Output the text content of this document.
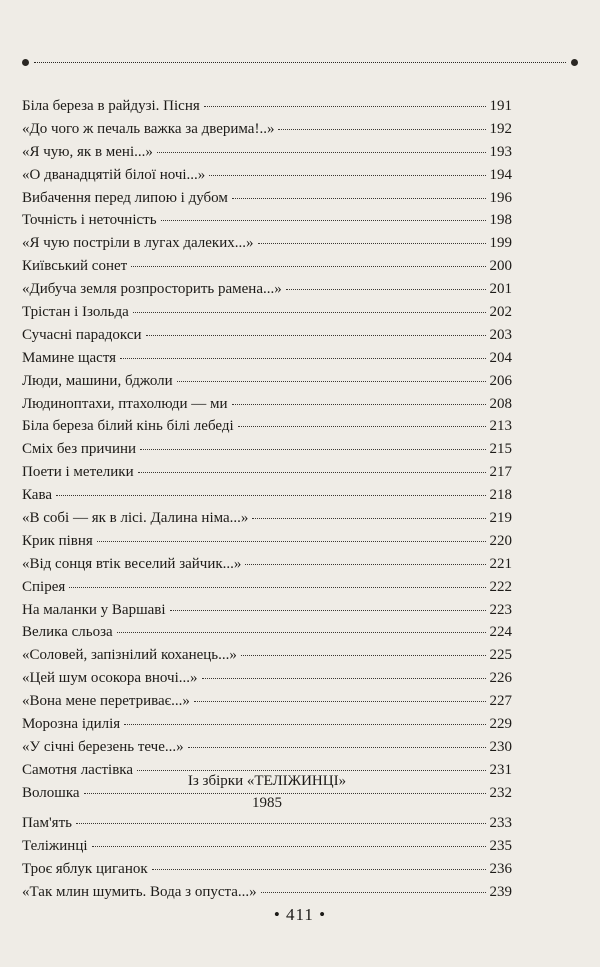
Біла береза в райдузі. Пісня	191
«До чого ж печаль важка за дверима!..»	192
«Я чую, як в мені...»	193
«О дванадцятій білої ночі...»	194
Вибачення перед липою і дубом	196
Точність і неточність	198
«Я чую постріли в лугах далеких...»	199
Київський сонет	200
«Дибуча земля розпросторить рамена...»	201
Трістан і Ізольда	202
Сучасні парадокси	203
Мамине щастя	204
Люди, машини, бджоли	206
Людиноптахи, птахолюди — ми	208
Біла береза білий кінь білі лебеді	213
Сміх без причини	215
Поети і метелики	217
Кава	218
«В собі — як в лісі. Далина німа...»	219
Крик півня	220
«Від сонця втік веселий зайчик...»	221
Спірея	222
На маланки у Варшаві	223
Велика сльоза	224
«Соловей, запізнілий коханець...»	225
«Цей шум осокора вночі...»	226
«Вона мене перетриває...»	227
Морозна ідилія	229
«У січні березень тече...»	230
Самотня ластівка	231
Волошка	232
Із збірки «ТЕЛІЖИНЦІ»
1985
Пам'ять	233
Теліжинці	235
Троє яблук циганок	236
«Так млин шумить. Вода з опуста...»	239
• 411 •
